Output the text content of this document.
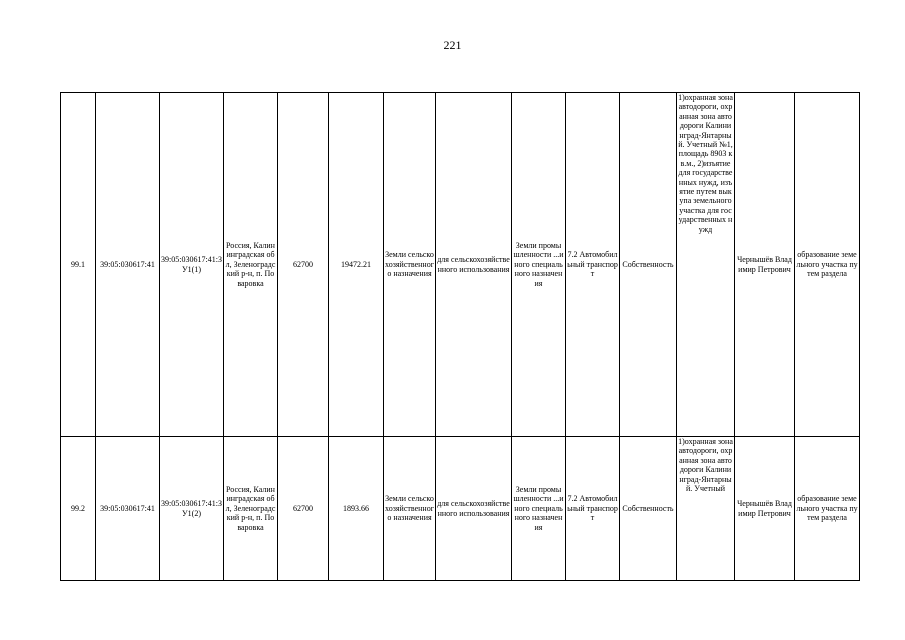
221
99.1	39:05:030617:41	39:05:030617:41:ЗУ1(1)	Россия, Калининградская обл, Зеленоградский р-н, п. Поваровка	62700	19472.21	Земли сельскохозяйственного назначения	для сельскохозяйственного использования	Земли промышленности ...иного специального назначения	7.2 Автомобильный транспорт	Собственность	1)охранная зона автодороги, охранная зона автодороги Калининград-Янтарный. Учетный №1, площадь 8903 кв.м., 2)изъятие для государственных нужд, изъятие путем выкупа земельного участка для государственных нужд	Чернышёв Владимир Петрович	образование земельного участка путем раздела
99.2	39:05:030617:41	39:05:030617:41:ЗУ1(2)	Россия, Калининградская обл, Зеленоградский р-н, п. Поваровка	62700	1893.66	Земли сельскохозяйственного назначения	для сельскохозяйственного использования	Земли промышленности ...иного специального назначения	7.2 Автомобильный транспорт	Собственность	1)охранная зона автодороги, охранная зона автодороги Калининград-Янтарный. Учетный	Чернышёв Владимир Петрович	образование земельного участка путем раздела
